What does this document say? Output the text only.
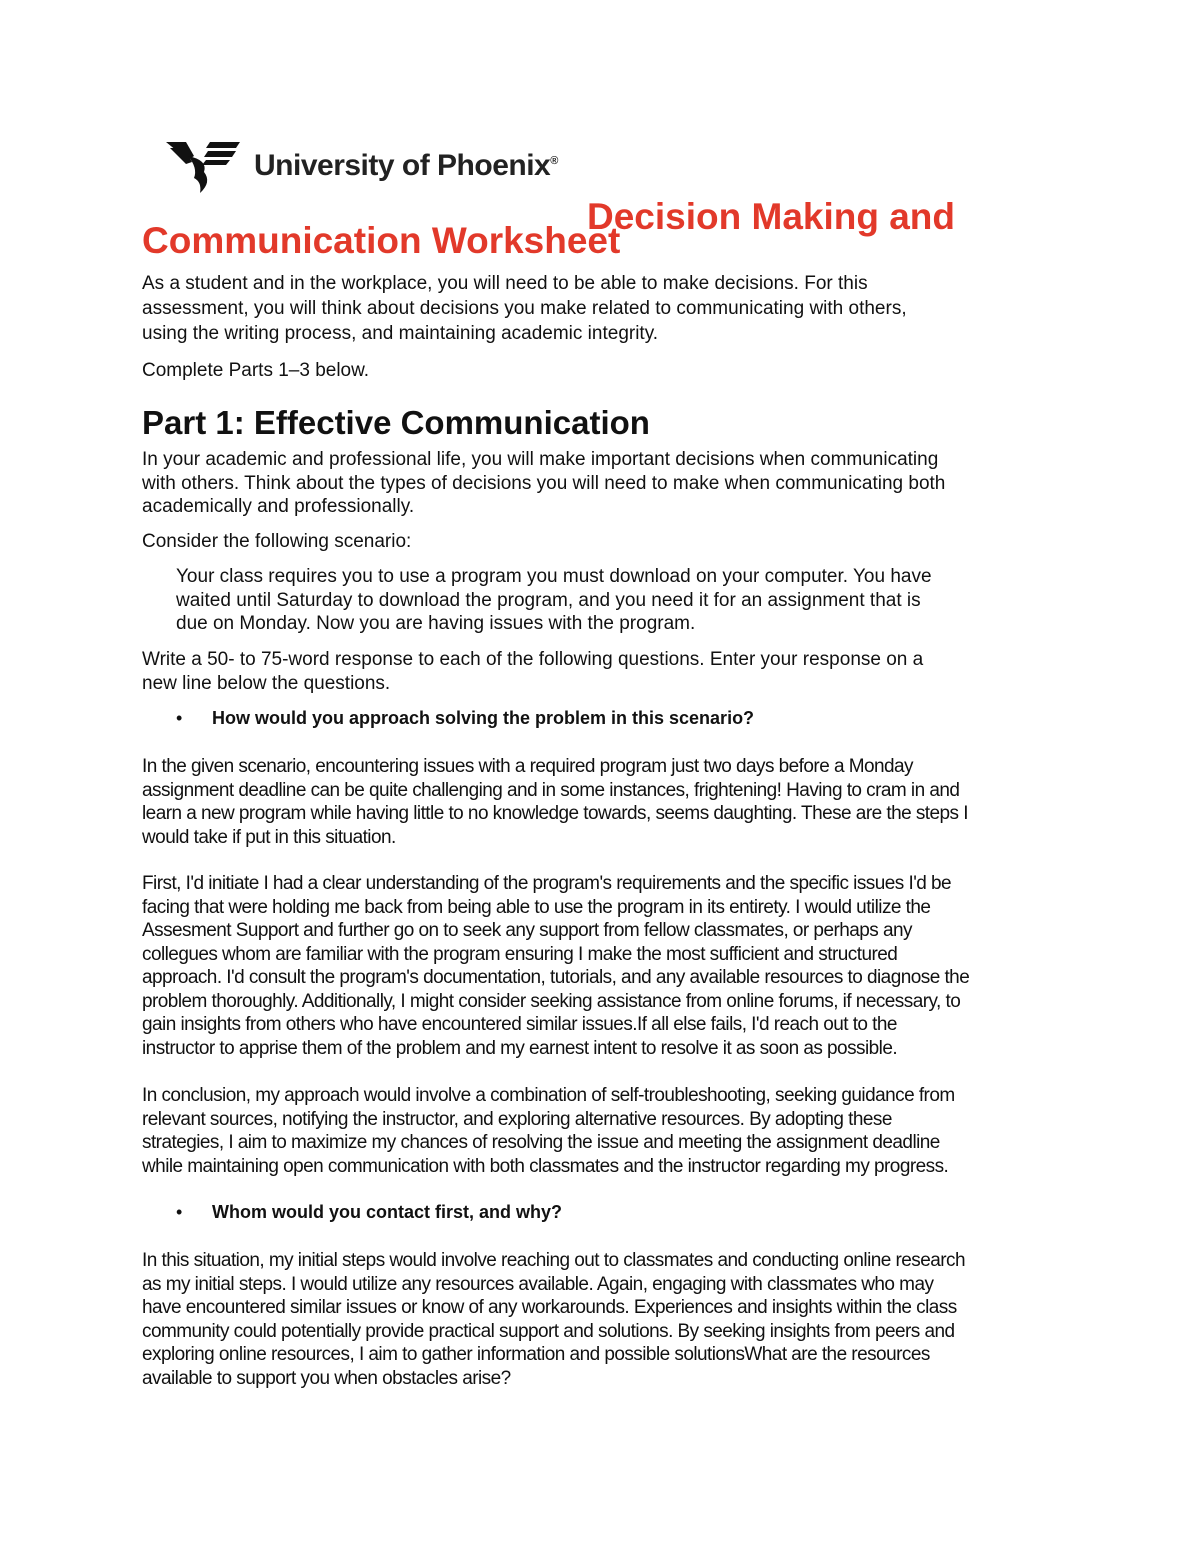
University of Phoenix®
Decision Making and
Communication Worksheet
As a student and in the workplace, you will need to be able to make decisions. For this
assessment, you will think about decisions you make related to communicating with others,
using the writing process, and maintaining academic integrity.
Complete Parts 1–3 below.
Part 1: Effective Communication
In your academic and professional life, you will make important decisions when communicating
with others. Think about the types of decisions you will need to make when communicating both
academically and professionally.
Consider the following scenario:
Your class requires you to use a program you must download on your computer. You have
waited until Saturday to download the program, and you need it for an assignment that is
due on Monday. Now you are having issues with the program.
Write a 50- to 75-word response to each of the following questions. Enter your response on a
new line below the questions.
• How would you approach solving the problem in this scenario?
In the given scenario, encountering issues with a required program just two days before a Monday
assignment deadline can be quite challenging and in some instances, frightening! Having to cram in and
learn a new program while having little to no knowledge towards, seems daughting. These are the steps I
would take if put in this situation.
First, I'd initiate I had a clear understanding of the program's requirements and the specific issues I'd be
facing that were holding me back from being able to use the program in its entirety. I would utilize the
Assesment Support and further go on to seek any support from fellow classmates, or perhaps any
collegues whom are familiar with the program ensuring I make the most sufficient and structured
approach. I'd consult the program's documentation, tutorials, and any available resources to diagnose the
problem thoroughly. Additionally, I might consider seeking assistance from online forums, if necessary, to
gain insights from others who have encountered similar issues.If all else fails, I'd reach out to the
instructor to apprise them of the problem and my earnest intent to resolve it as soon as possible.
In conclusion, my approach would involve a combination of self-troubleshooting, seeking guidance from
relevant sources, notifying the instructor, and exploring alternative resources. By adopting these
strategies, I aim to maximize my chances of resolving the issue and meeting the assignment deadline
while maintaining open communication with both classmates and the instructor regarding my progress.
• Whom would you contact first, and why?
In this situation, my initial steps would involve reaching out to classmates and conducting online research
as my initial steps. I would utilize any resources available. Again, engaging with classmates who may
have encountered similar issues or know of any workarounds. Experiences and insights within the class
community could potentially provide practical support and solutions. By seeking insights from peers and
exploring online resources, I aim to gather information and possible solutionsWhat are the resources
available to support you when obstacles arise?
